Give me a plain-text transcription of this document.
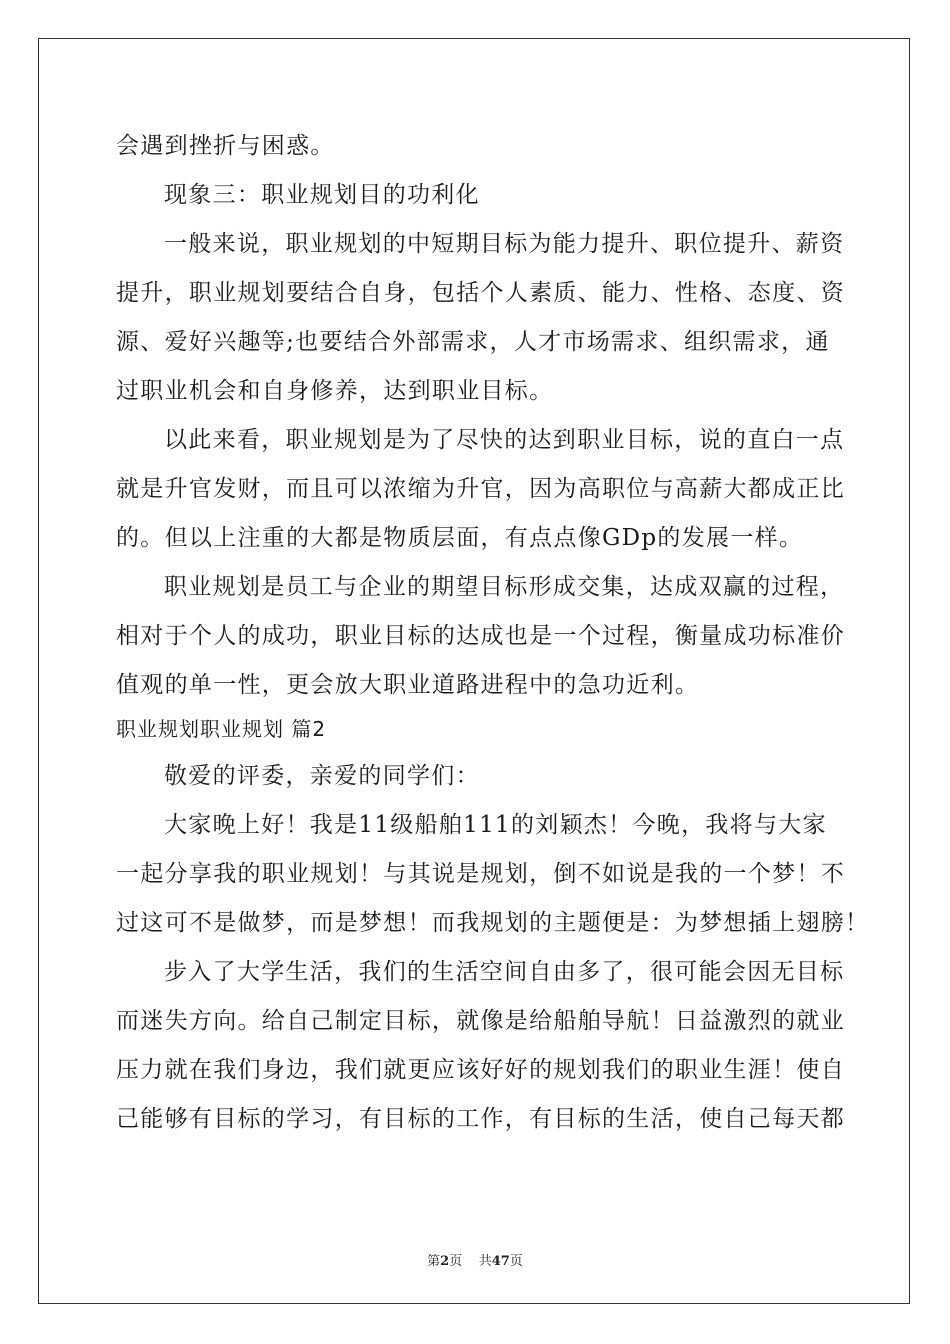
会遇到挫折与困惑。
现象三：职业规划目的功利化
一般来说，职业规划的中短期目标为能力提升、职位提升、薪资
提升，职业规划要结合自身，包括个人素质、能力、性格、态度、资
源、爱好兴趣等;也要结合外部需求，人才市场需求、组织需求，通
过职业机会和自身修养，达到职业目标。
以此来看，职业规划是为了尽快的达到职业目标，说的直白一点
就是升官发财，而且可以浓缩为升官，因为高职位与高薪大都成正比
的。但以上注重的大都是物质层面，有点点像GDp的发展一样。
职业规划是员工与企业的期望目标形成交集，达成双赢的过程，
相对于个人的成功，职业目标的达成也是一个过程，衡量成功标准价
值观的单一性，更会放大职业道路进程中的急功近利。
职业规划职业规划 篇2
敬爱的评委，亲爱的同学们：
大家晚上好！我是11级船舶111的刘颖杰！今晚，我将与大家
一起分享我的职业规划！与其说是规划，倒不如说是我的一个梦！不
过这可不是做梦，而是梦想！而我规划的主题便是：为梦想插上翅膀！
步入了大学生活，我们的生活空间自由多了，很可能会因无目标
而迷失方向。给自己制定目标，就像是给船舶导航！日益激烈的就业
压力就在我们身边，我们就更应该好好的规划我们的职业生涯！使自
己能够有目标的学习，有目标的工作，有目标的生活，使自己每天都
第2页 共47页
